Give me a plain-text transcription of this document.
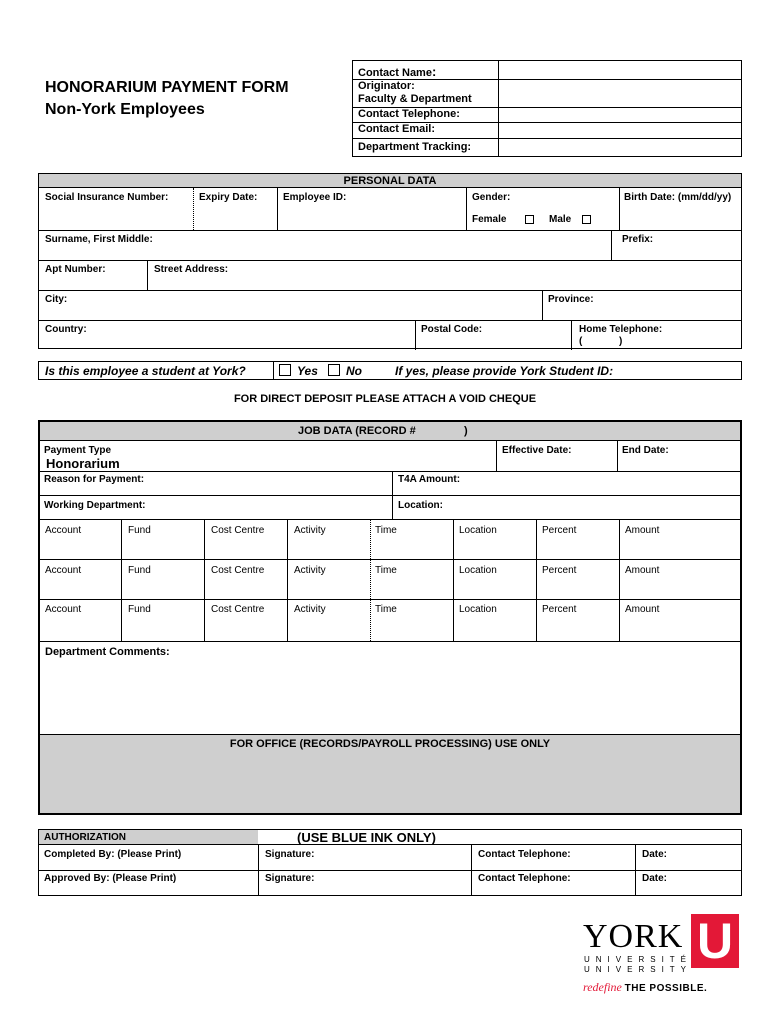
HONORARIUM PAYMENT FORM
Non-York Employees
Contact Name:
Originator:
Faculty & Department
Contact Telephone:
Contact Email:
Department Tracking:
PERSONAL DATA
Social Insurance Number:	Expiry Date:	Employee ID:	Gender:
Female	Male
Birth Date: (mm/dd/yy)
Surname, First Middle:	Prefix:
Apt Number:	Street Address:
City:	Province:
Country:	Postal Code:	Home Telephone:
(	)
Is this employee a student at York?	Yes No	If yes, please provide York Student ID:
FOR DIRECT DEPOSIT PLEASE ATTACH A VOID CHEQUE
JOB DATA (RECORD #	)
Payment Type
Honorarium
Effective Date:	End Date:
Reason for Payment:	T4A Amount:
Working Department:	Location:
Account	Fund	Cost Centre	Activity	Time	Location	Percent	Amount
Account	Fund	Cost Centre	Activity	Time	Location	Percent	Amount
Account	Fund	Cost Centre	Activity	Time	Location	Percent	Amount
Department Comments:
FOR OFFICE (RECORDS/PAYROLL PROCESSING) USE ONLY
AUTHORIZATION	(USE BLUE INK ONLY)
Completed By: (Please Print)	Signature:	Contact Telephone:	Date:
Approved By: (Please Print)	Signature:	Contact Telephone:	Date:
YORK U
UNIVERSITÉ
UNIVERSITY
redefine THE POSSIBLE.
